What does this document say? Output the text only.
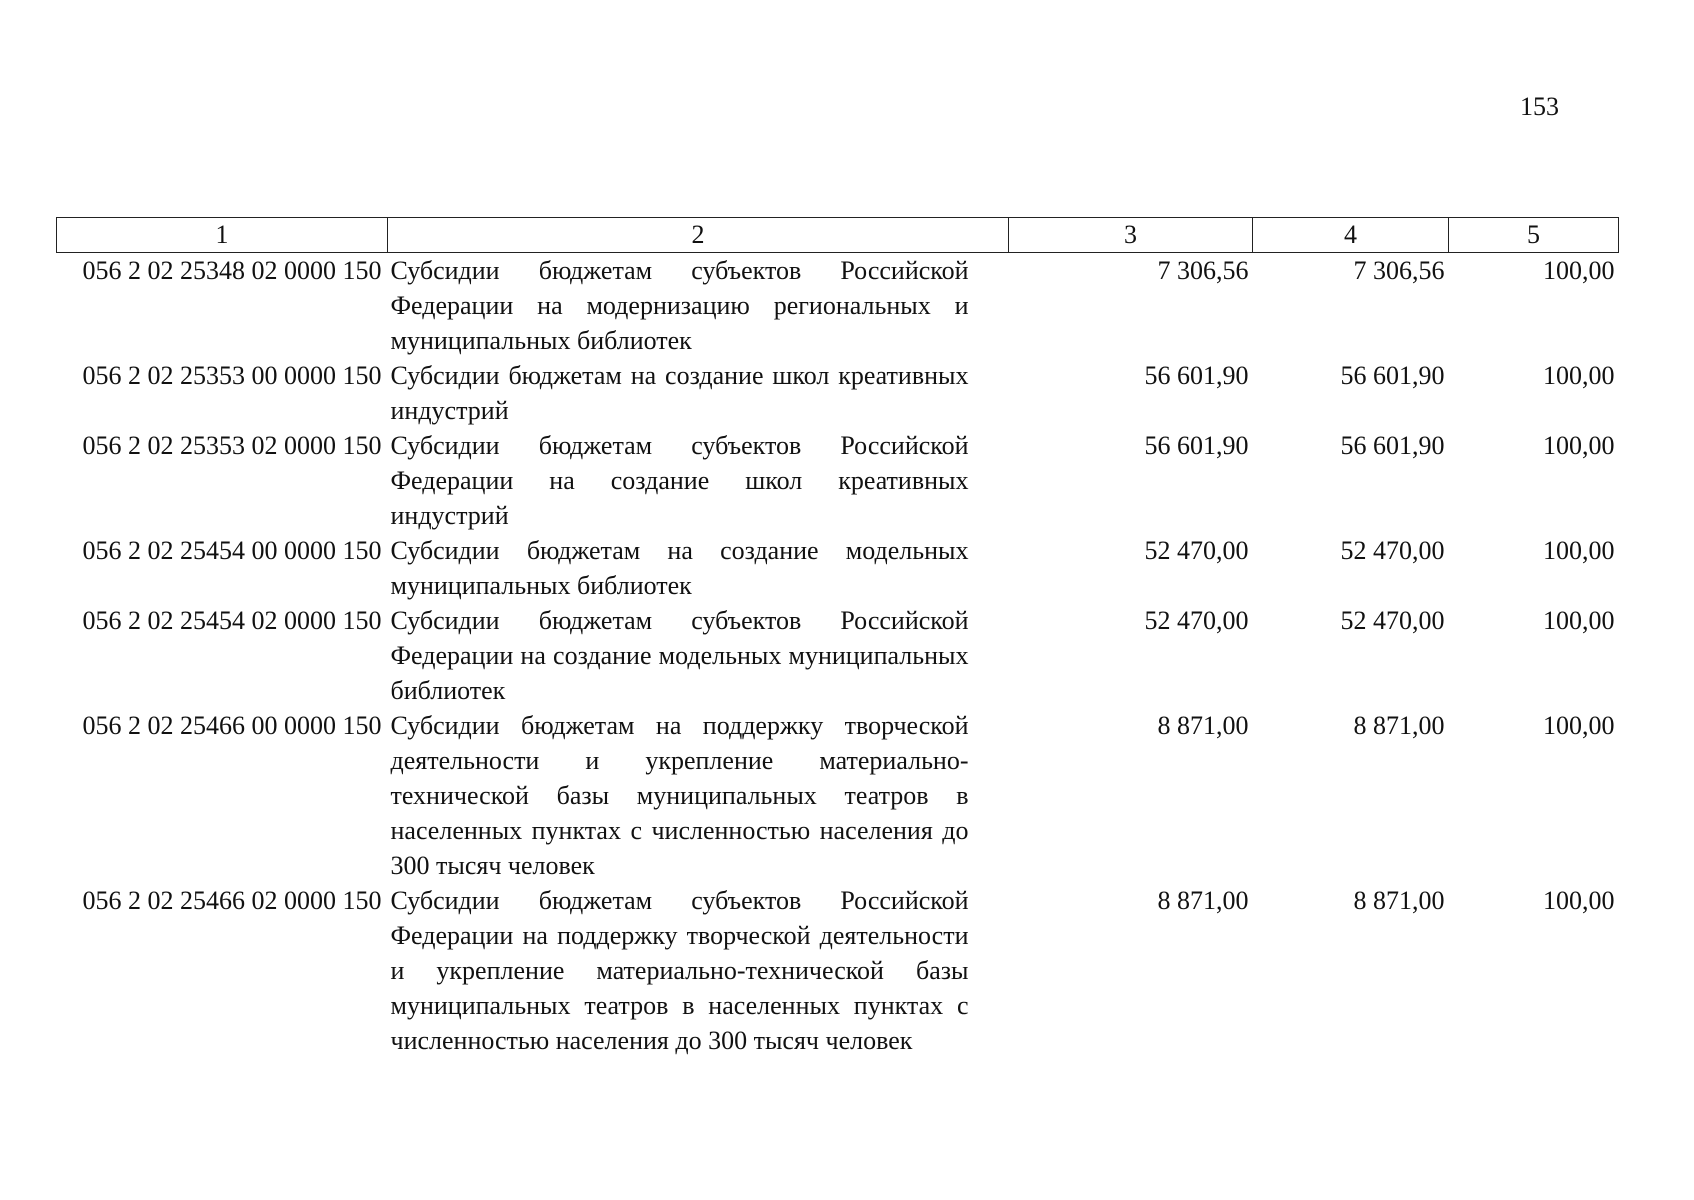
153
1	2	3	4	5
056 2 02 25348 02 0000 150	Субсидии бюджетам субъектов Российской Федерации на модернизацию региональных и муниципальных библиотек	7 306,56	7 306,56	100,00
056 2 02 25353 00 0000 150	Субсидии бюджетам на создание школ креативных индустрий	56 601,90	56 601,90	100,00
056 2 02 25353 02 0000 150	Субсидии бюджетам субъектов Российской Федерации на создание школ креативных индустрий	56 601,90	56 601,90	100,00
056 2 02 25454 00 0000 150	Субсидии бюджетам на создание модельных муниципальных библиотек	52 470,00	52 470,00	100,00
056 2 02 25454 02 0000 150	Субсидии бюджетам субъектов Российской Федерации на создание модельных муниципальных библиотек	52 470,00	52 470,00	100,00
056 2 02 25466 00 0000 150	Субсидии бюджетам на поддержку творческой деятельности и укрепление материально-технической базы муниципальных театров в населенных пунктах с численностью населения до 300 тысяч человек	8 871,00	8 871,00	100,00
056 2 02 25466 02 0000 150	Субсидии бюджетам субъектов Российской Федерации на поддержку творческой деятельности и укрепление материально-технической базы муниципальных театров в населенных пунктах с численностью населения до 300 тысяч человек	8 871,00	8 871,00	100,00
